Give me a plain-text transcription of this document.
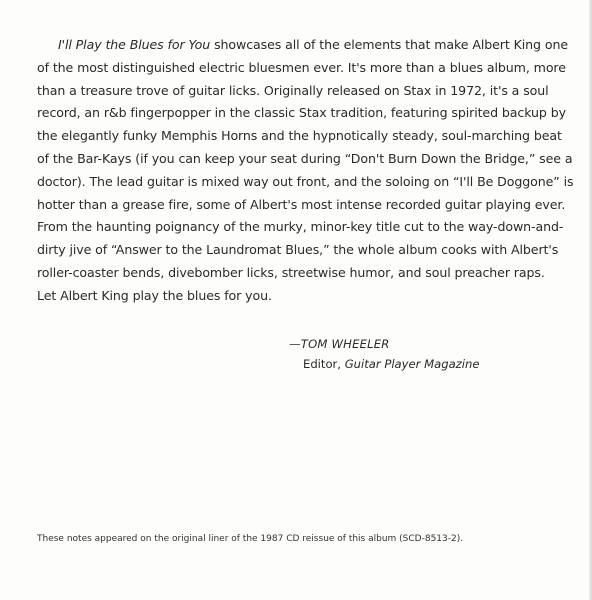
I'll Play the Blues for You showcases all of the elements that make Albert King one
of the most distinguished electric bluesmen ever. It's more than a blues album, more
than a treasure trove of guitar licks. Originally released on Stax in 1972, it's a soul
record, an r&b fingerpopper in the classic Stax tradition, featuring spirited backup by
the elegantly funky Memphis Horns and the hypnotically steady, soul-marching beat
of the Bar-Kays (if you can keep your seat during “Don't Burn Down the Bridge,” see a
doctor). The lead guitar is mixed way out front, and the soloing on “I'll Be Doggone” is
hotter than a grease fire, some of Albert's most intense recorded guitar playing ever.
From the haunting poignancy of the murky, minor-key title cut to the way-down-and-
dirty jive of “Answer to the Laundromat Blues,” the whole album cooks with Albert's
roller-coaster bends, divebomber licks, streetwise humor, and soul preacher raps.
Let Albert King play the blues for you.

—TOM WHEELER
Editor, Guitar Player Magazine

These notes appeared on the original liner of the 1987 CD reissue of this album (SCD-8513-2).
